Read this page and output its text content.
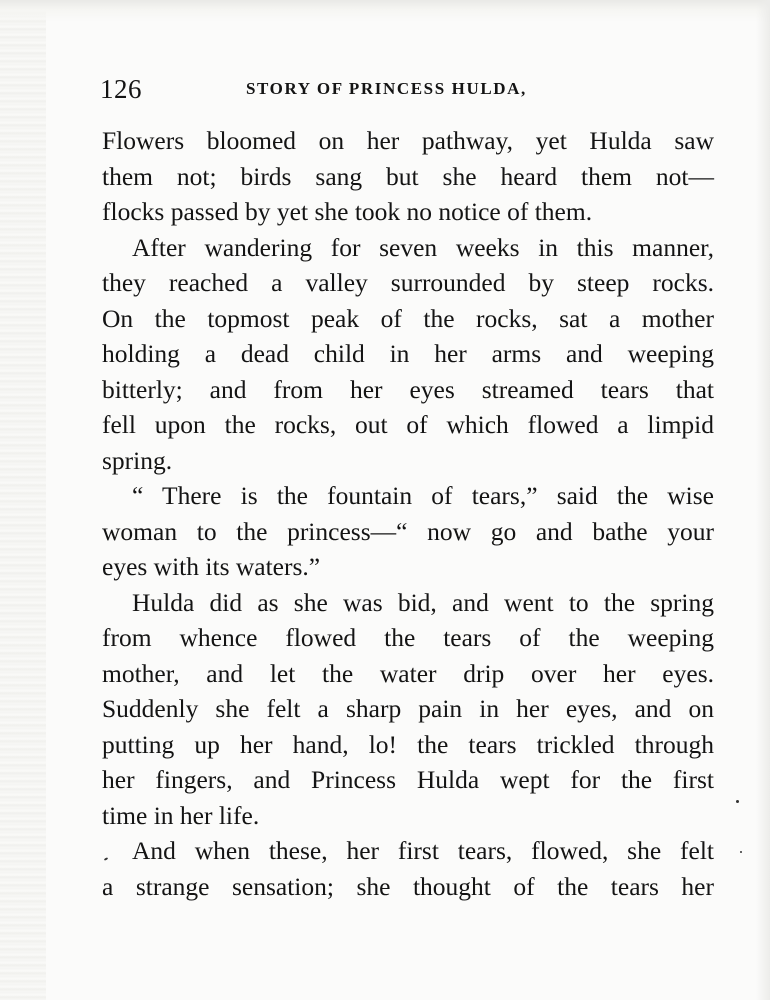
126	STORY OF PRINCESS HULDA,
Flowers bloomed on her pathway, yet Hulda saw
them not; birds sang but she heard them not—
flocks passed by yet she took no notice of them.
After wandering for seven weeks in this manner,
they reached a valley surrounded by steep rocks.
On the topmost peak of the rocks, sat a mother
holding a dead child in her arms and weeping
bitterly; and from her eyes streamed tears that
fell upon the rocks, out of which flowed a limpid
spring.
“ There is the fountain of tears,” said the wise
woman to the princess—“ now go and bathe your
eyes with its waters.”
Hulda did as she was bid, and went to the spring
from whence flowed the tears of the weeping
mother, and let the water drip over her eyes.
Suddenly she felt a sharp pain in her eyes, and on
putting up her hand, lo! the tears trickled through
her fingers, and Princess Hulda wept for the first
time in her life.
And when these, her first tears, flowed, she felt
a strange sensation; she thought of the tears her
